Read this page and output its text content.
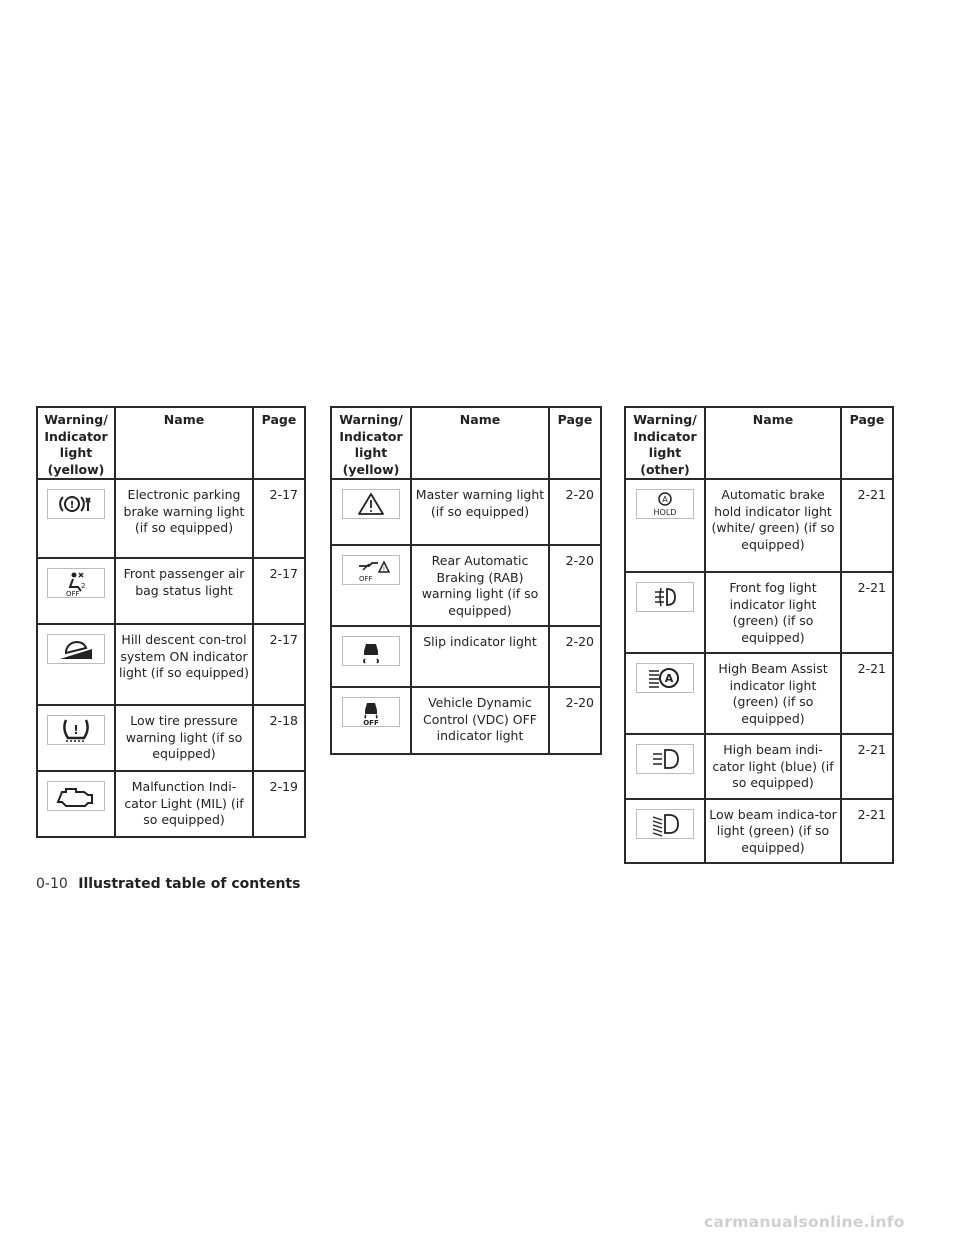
Warning/
Indicator
light
(yellow)	Name	Page

!	Electronic parking brake warning light (if so equipped)	2-17

2
OFF	Front passenger air bag status light	2-17

	Hill descent con-trol system ON indicator light (if so equipped)	2-17

!	Low tire pressure warning light (if so equipped)	2-18

	Malfunction Indi-cator Light (MIL) (if so equipped)	2-19
Warning/
Indicator
light
(yellow)	Name	Page

	Master warning light (if so equipped)	2-20

!
OFF	Rear Automatic Braking (RAB) warning light (if so equipped)	2-20

	Slip indicator light	2-20

OFF	Vehicle Dynamic Control (VDC) OFF indicator light	2-20
Warning/
Indicator
light
(other)	Name	Page

A
HOLD	Automatic brake hold indicator light (white/ green) (if so equipped)	2-21

	Front fog light indicator light (green) (if so equipped)	2-21

A	High Beam Assist indicator light (green) (if so equipped)	2-21

	High beam indi-cator light (blue) (if so equipped)	2-21

	Low beam indica-tor light (green) (if so equipped)	2-21
0-10 Illustrated table of contents
carmanualsonline.info
